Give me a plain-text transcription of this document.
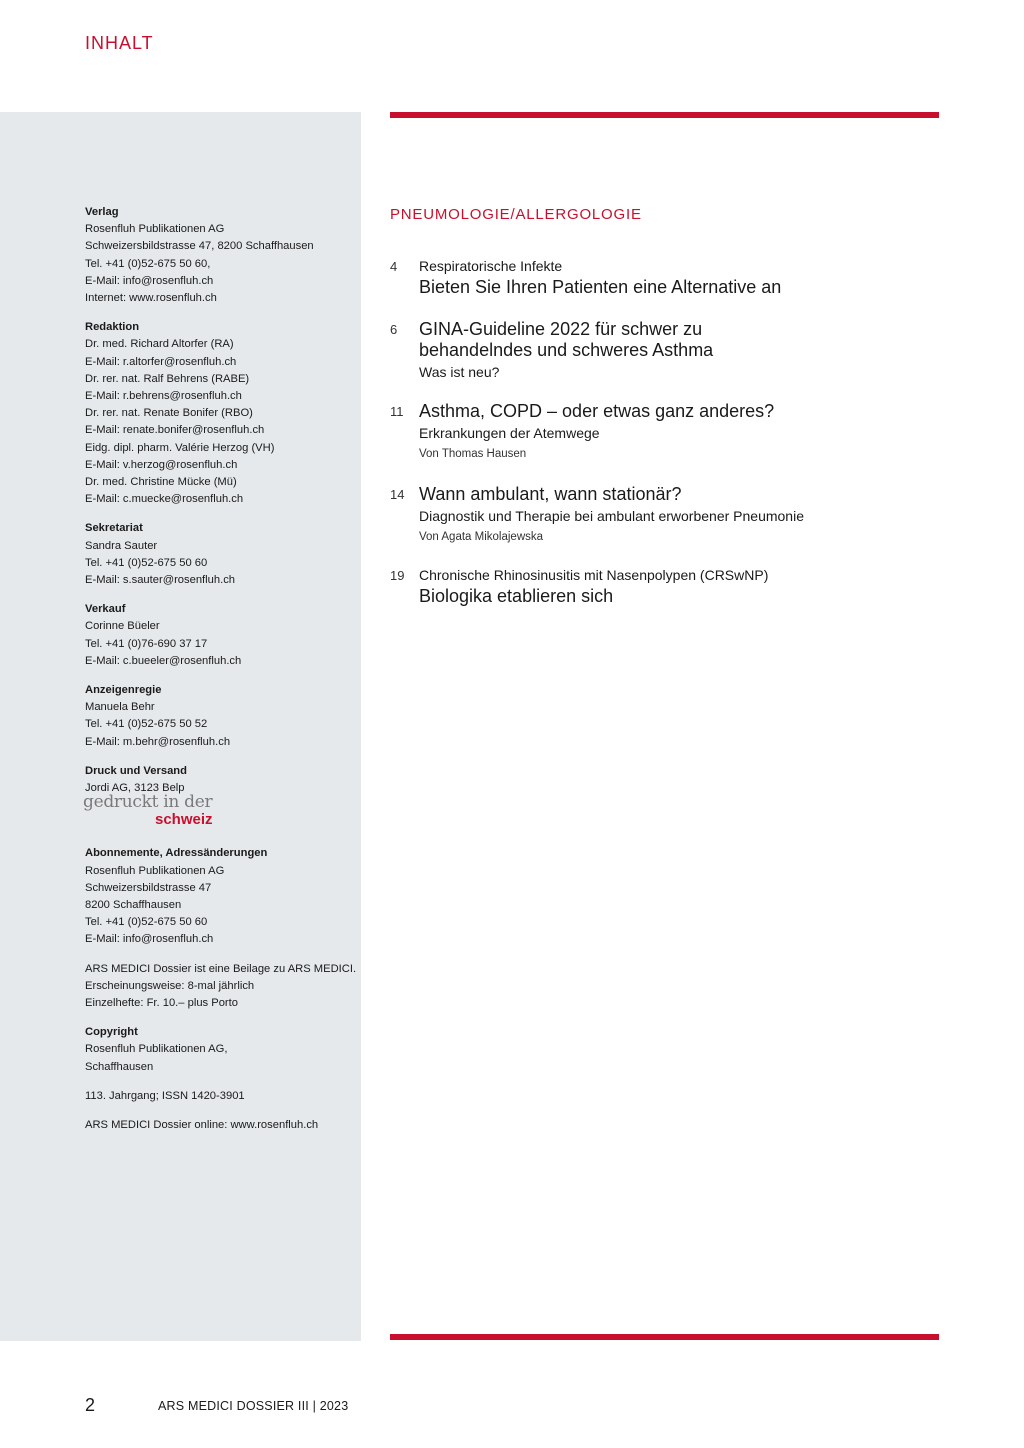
INHALT
Verlag
Rosenfluh Publikationen AG
Schweizersbildstrasse 47, 8200 Schaffhausen
Tel. +41 (0)52-675 50 60,
E-Mail: info@rosenfluh.ch
Internet: www.rosenfluh.ch
Redaktion
Dr. med. Richard Altorfer (RA)
E-Mail: r.altorfer@rosenfluh.ch
Dr. rer. nat. Ralf Behrens (RABE)
E-Mail: r.behrens@rosenfluh.ch
Dr. rer. nat. Renate Bonifer (RBO)
E-Mail: renate.bonifer@rosenfluh.ch
Eidg. dipl. pharm. Valérie Herzog (VH)
E-Mail: v.herzog@rosenfluh.ch
Dr. med. Christine Mücke (Mü)
E-Mail: c.muecke@rosenfluh.ch
Sekretariat
Sandra Sauter
Tel. +41 (0)52-675 50 60
E-Mail: s.sauter@rosenfluh.ch
Verkauf
Corinne Büeler
Tel. +41 (0)76-690 37 17
E-Mail: c.bueeler@rosenfluh.ch
Anzeigenregie
Manuela Behr
Tel. +41 (0)52-675 50 52
E-Mail: m.behr@rosenfluh.ch
Druck und Versand
Jordi AG, 3123 Belp
gedruckt in der
schweiz
Abonnemente, Adressänderungen
Rosenfluh Publikationen AG
Schweizersbildstrasse 47
8200 Schaffhausen
Tel. +41 (0)52-675 50 60
E-Mail: info@rosenfluh.ch
ARS MEDICI Dossier ist eine Beilage zu ARS MEDICI.
Erscheinungsweise: 8-mal jährlich
Einzelhefte: Fr. 10.– plus Porto
Copyright
Rosenfluh Publikationen AG,
Schaffhausen
113. Jahrgang; ISSN 1420-3901
ARS MEDICI Dossier online: www.rosenfluh.ch
PNEUMOLOGIE/ALLERGOLOGIE
4 Respiratorische Infekte
Bieten Sie Ihren Patienten eine Alternative an
6 GINA-Guideline 2022 für schwer zu behandelndes und schweres Asthma
Was ist neu?
11 Asthma, COPD – oder etwas ganz anderes?
Erkrankungen der Atemwege
Von Thomas Hausen
14 Wann ambulant, wann stationär?
Diagnostik und Therapie bei ambulant erworbener Pneumonie
Von Agata Mikolajewska
19 Chronische Rhinosinusitis mit Nasenpolypen (CRSwNP)
Biologika etablieren sich
2	ARS MEDICI DOSSIER III | 2023
